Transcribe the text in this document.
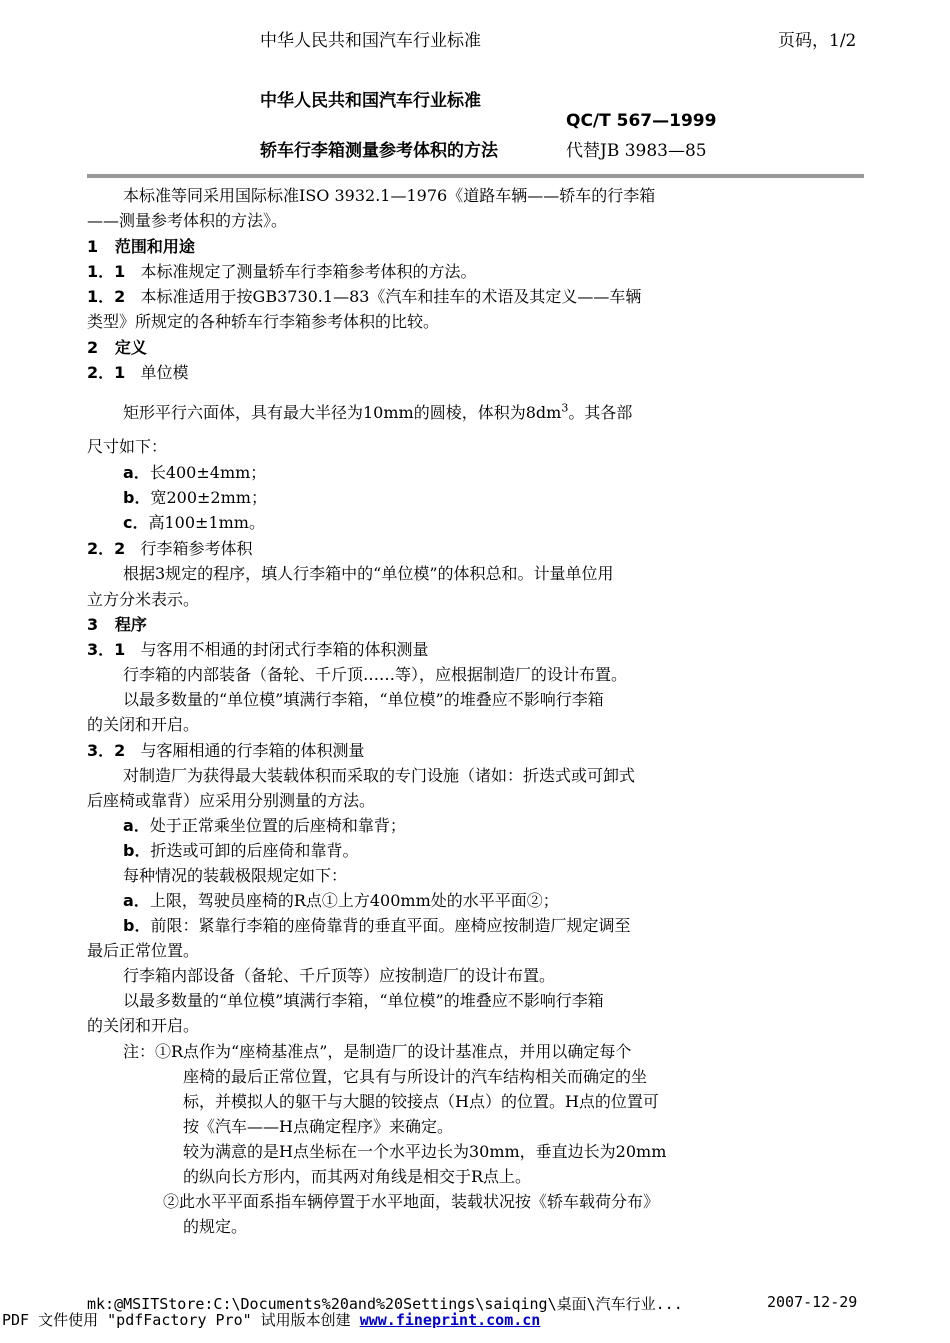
中华人民共和国汽车行业标准	页码，1/2
中华人民共和国汽车行业标准
QC/T 567—1999
轿车行李箱测量参考体积的方法	代替JB 3983—85
本标准等同采用国际标准ISO 3932.1—1976《道路车辆——轿车的行李箱
——测量参考体积的方法》。
1 范围和用途
1．1 本标准规定了测量轿车行李箱参考体积的方法。
1．2 本标准适用于按GB3730.1—83《汽车和挂车的术语及其定义——车辆
类型》所规定的各种轿车行李箱参考体积的比较。
2 定义
2．1 单位模
矩形平行六面体，具有最大半径为10mm的圆棱，体积为$8dm^3$。其各部
尺寸如下：
a．长400±4mm；
b．宽200±2mm；
c．高100±1mm。
2．2 行李箱参考体积
根据3规定的程序，填人行李箱中的“单位模”的体积总和。计量单位用
立方分米表示。
3 程序
3．1 与客用不相通的封闭式行李箱的体积测量
行李箱的内部装备（备轮、千斤顶……等），应根据制造厂的设计布置。
以最多数量的“单位模”填满行李箱，“单位模”的堆叠应不影响行李箱
的关闭和开启。
3．2 与客厢相通的行李箱的体积测量
对制造厂为获得最大装载体积而采取的专门设施（诸如：折迭式或可卸式
后座椅或靠背）应采用分别测量的方法。
a．处于正常乘坐位置的后座椅和靠背；
b．折迭或可卸的后座倚和靠背。
每种情况的装载极限规定如下：
a．上限，驾驶员座椅的R点①上方400mm处的水平平面②；
b．前限：紧靠行李箱的座倚靠背的垂直平面。座椅应按制造厂规定调至
最后正常位置。
行李箱内部设备（备轮、千斤顶等）应按制造厂的设计布置。
以最多数量的“单位模”填满行李箱，“单位模”的堆叠应不影响行李箱
的关闭和开启。
注：①R点作为“座椅基准点”，是制造厂的设计基准点，并用以确定每个
座椅的最后正常位置，它具有与所设计的汽车结构相关而确定的坐
标，并模拟人的躯干与大腿的铰接点（H点）的位置。H点的位置可
按《汽车——H点确定程序》来确定。
较为满意的是H点坐标在一个水平边长为30mm，垂直边长为20mm
的纵向长方形内，而其两对角线是相交于R点上。
②此水平平面系指车辆停置于水平地面，装载状况按《轿车载荷分布》
的规定。
mk:@MSITStore:C:\Documents%20and%20Settings\saiqing\桌面\汽车行业...	2007-12-29
PDF 文件使用 "pdfFactory Pro" 试用版本创建 www.fineprint.com.cn
